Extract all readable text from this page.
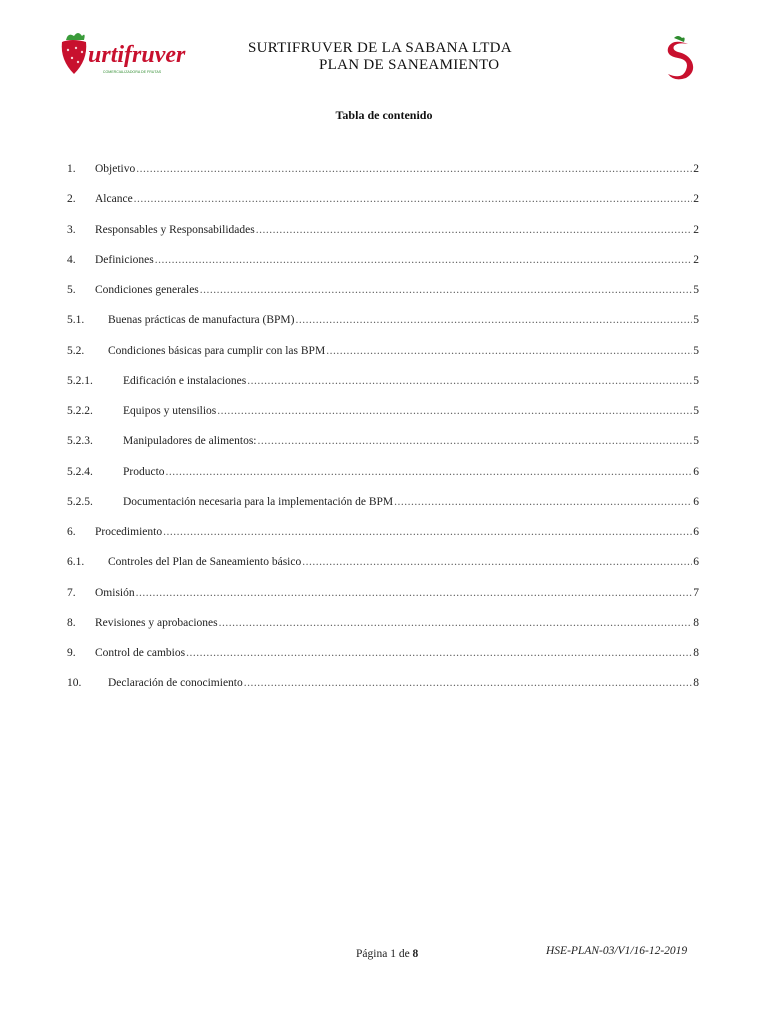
urtifruver
COMERCIALIZADORA DE FRUTAS
SURTIFRUVER DE LA SABANA LTDA
PLAN DE SANEAMIENTO
Tabla de contenido
1.	Objetivo .....	2
2.	Alcance .....	2
3.	Responsables y Responsabilidades .....	2
4.	Definiciones .....	2
5.	Condiciones generales .....	5
5.1.	Buenas prácticas de manufactura (BPM) .....	5
5.2.	Condiciones básicas para cumplir con las BPM .....	5
5.2.1.	Edificación e instalaciones .....	5
5.2.2.	Equipos y utensilios .....	5
5.2.3.	Manipuladores de alimentos: .....	5
5.2.4.	Producto .....	6
5.2.5.	Documentación necesaria para la implementación de BPM .....	6
6.	Procedimiento .....	6
6.1.	Controles del Plan de Saneamiento básico .....	6
7.	Omisión .....	7
8.	Revisiones y aprobaciones .....	8
9.	Control de cambios .....	8
10.	Declaración de conocimiento .....	8
Página 1 de 8	HSE-PLAN-03/V1/16-12-2019
